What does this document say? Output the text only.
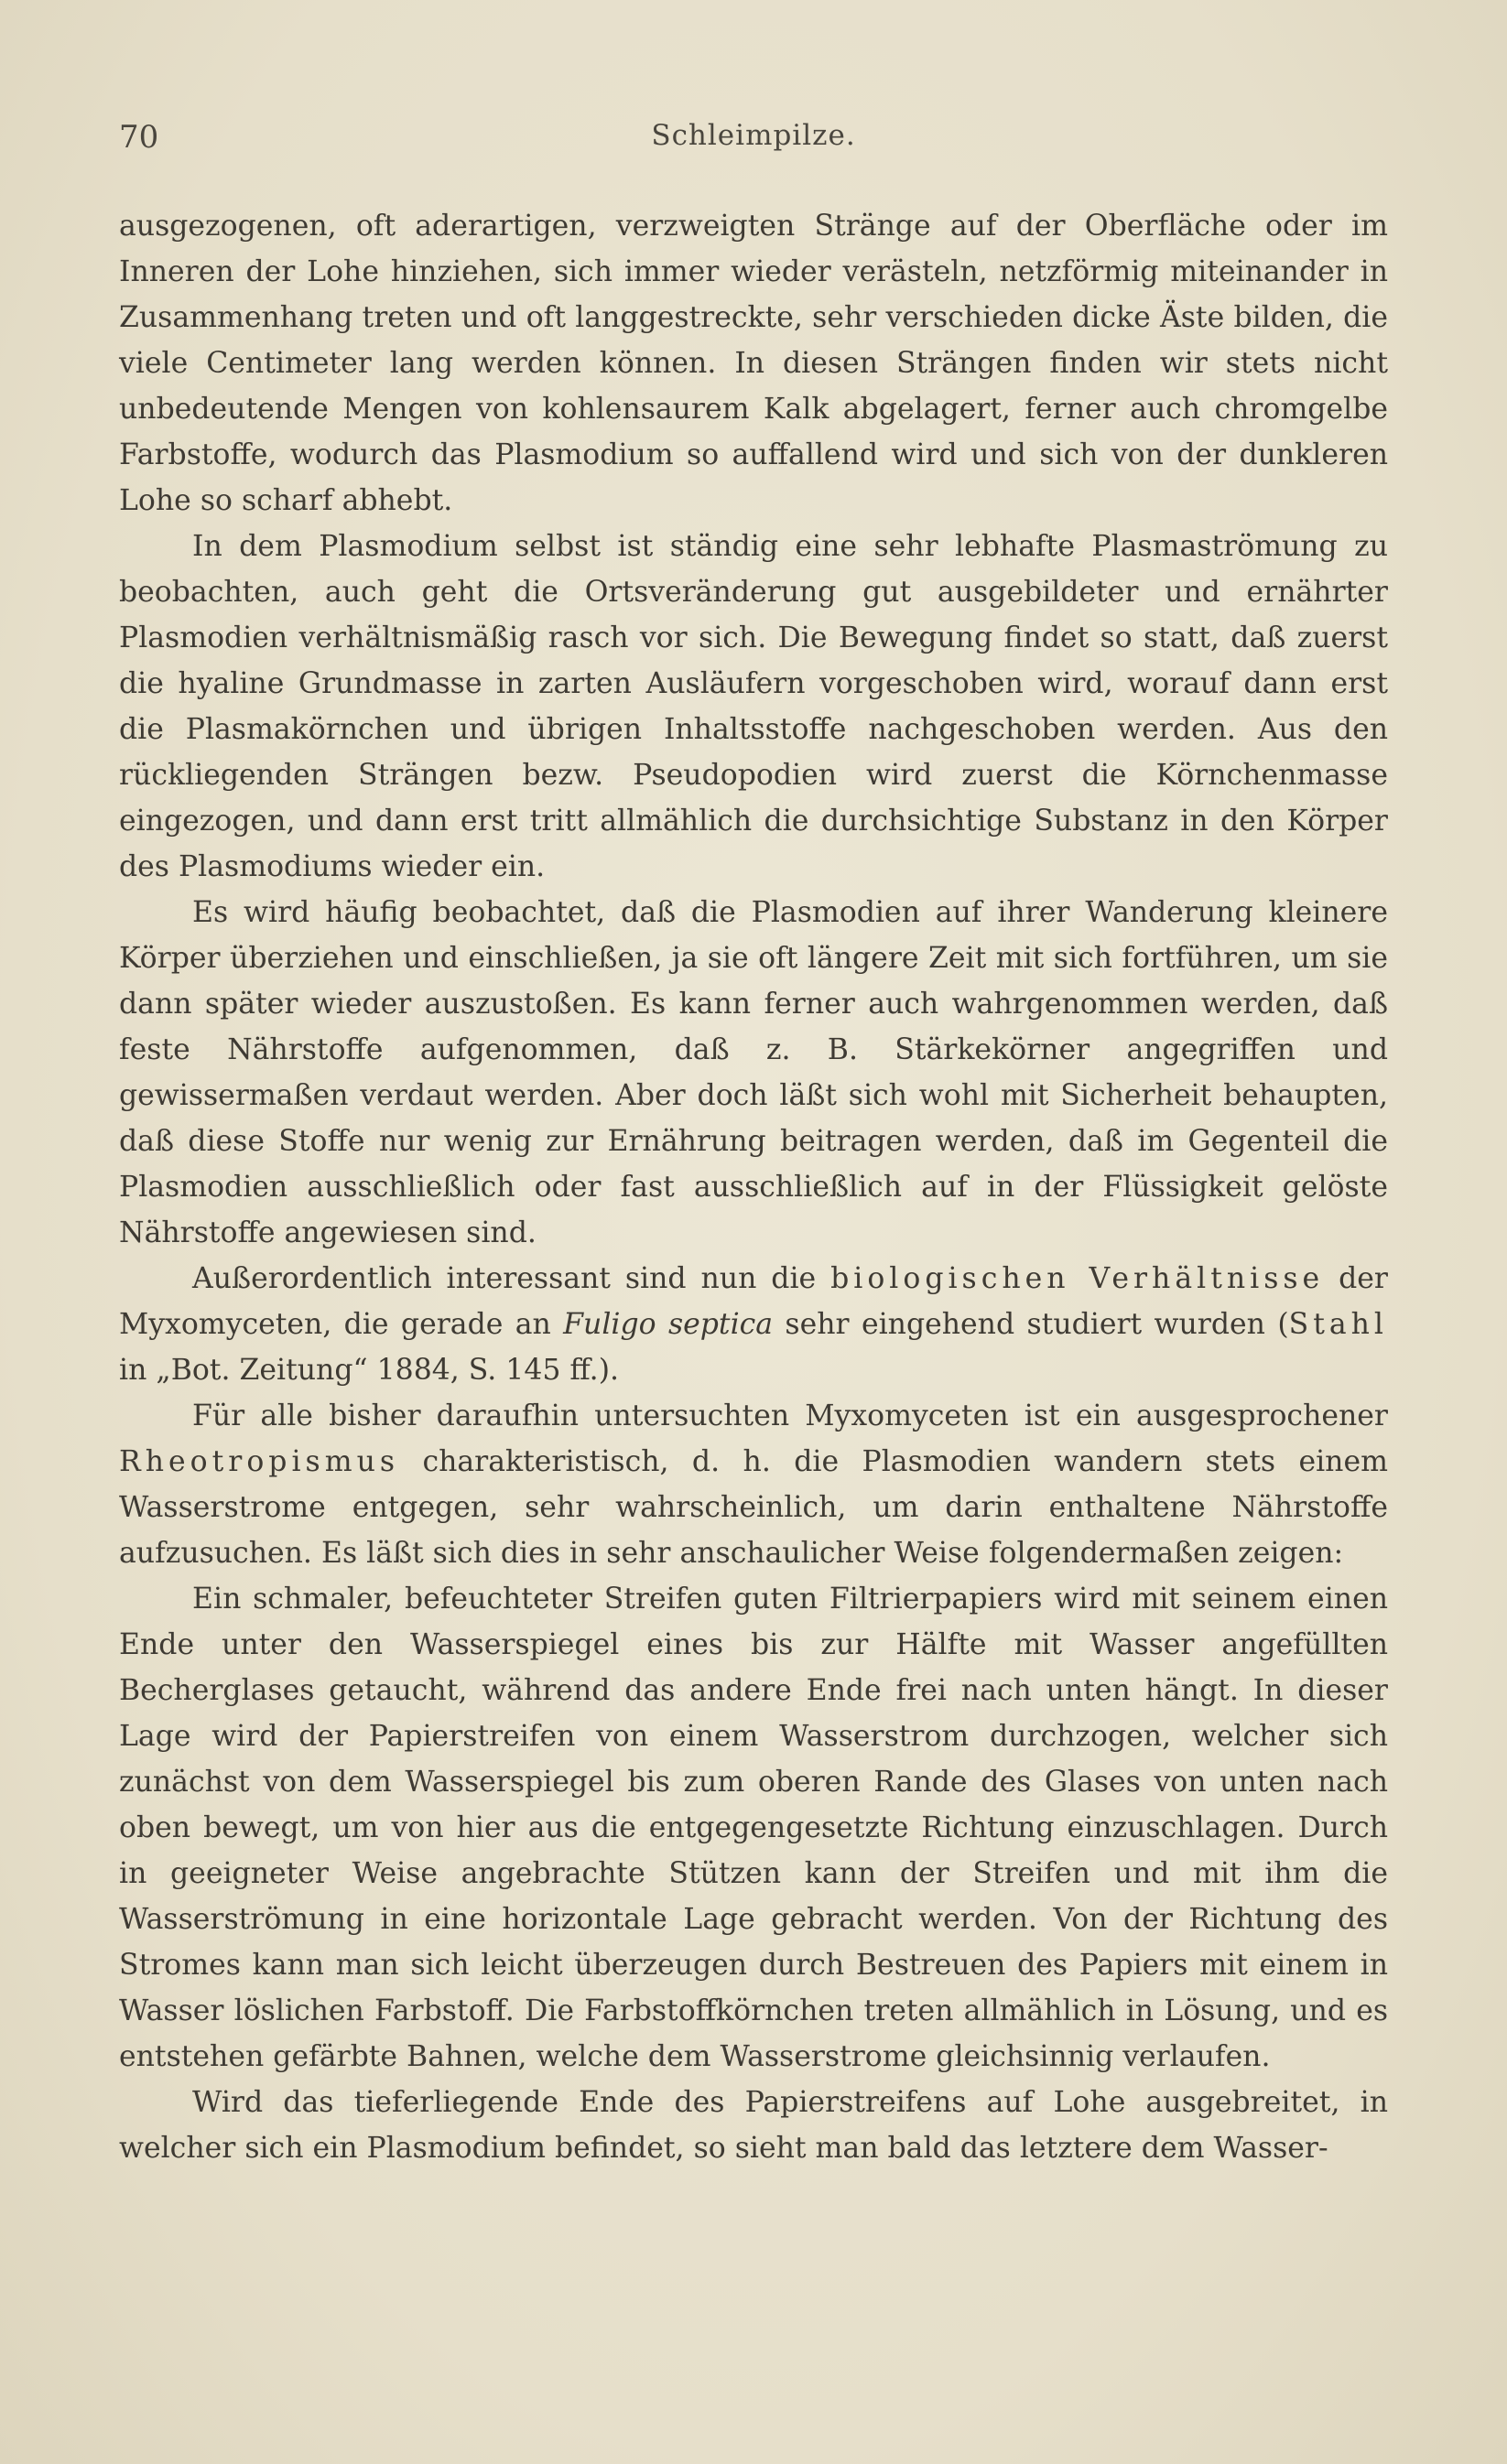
70	Schleimpilze.

ausgezogenen, oft aderartigen, verzweigten Stränge auf der Oberfläche oder im Inneren der Lohe hinziehen, sich immer wieder verästeln, netzförmig miteinander in Zusammenhang treten und oft langgestreckte, sehr verschieden dicke Äste bilden, die viele Centimeter lang werden können. In diesen Strängen finden wir stets nicht unbedeutende Mengen von kohlensaurem Kalk abgelagert, ferner auch chromgelbe Farbstoffe, wodurch das Plasmodium so auffallend wird und sich von der dunkleren Lohe so scharf abhebt.

In dem Plasmodium selbst ist ständig eine sehr lebhafte Plasmaströmung zu beobachten, auch geht die Ortsveränderung gut ausgebildeter und ernährter Plasmodien verhältnismäßig rasch vor sich. Die Bewegung findet so statt, daß zuerst die hyaline Grundmasse in zarten Ausläufern vorgeschoben wird, worauf dann erst die Plasmakörnchen und übrigen Inhaltsstoffe nachgeschoben werden. Aus den rückliegenden Strängen bezw. Pseudopodien wird zuerst die Körnchenmasse eingezogen, und dann erst tritt allmählich die durchsichtige Substanz in den Körper des Plasmodiums wieder ein.

Es wird häufig beobachtet, daß die Plasmodien auf ihrer Wanderung kleinere Körper überziehen und einschließen, ja sie oft längere Zeit mit sich fortführen, um sie dann später wieder auszustoßen. Es kann ferner auch wahrgenommen werden, daß feste Nährstoffe aufgenommen, daß z. B. Stärkekörner angegriffen und gewissermaßen verdaut werden. Aber doch läßt sich wohl mit Sicherheit behaupten, daß diese Stoffe nur wenig zur Ernährung beitragen werden, daß im Gegenteil die Plasmodien ausschließlich oder fast ausschließlich auf in der Flüssigkeit gelöste Nährstoffe angewiesen sind.

Außerordentlich interessant sind nun die biologischen Verhältnisse der Myxomyceten, die gerade an Fuligo septica sehr eingehend studiert wurden (Stahl in „Bot. Zeitung“ 1884, S. 145 ff.).

Für alle bisher daraufhin untersuchten Myxomyceten ist ein ausgesprochener Rheotropismus charakteristisch, d. h. die Plasmodien wandern stets einem Wasserstrome entgegen, sehr wahrscheinlich, um darin enthaltene Nährstoffe aufzusuchen. Es läßt sich dies in sehr anschaulicher Weise folgendermaßen zeigen:

Ein schmaler, befeuchteter Streifen guten Filtrierpapiers wird mit seinem einen Ende unter den Wasserspiegel eines bis zur Hälfte mit Wasser angefüllten Becherglases getaucht, während das andere Ende frei nach unten hängt. In dieser Lage wird der Papierstreifen von einem Wasserstrom durchzogen, welcher sich zunächst von dem Wasserspiegel bis zum oberen Rande des Glases von unten nach oben bewegt, um von hier aus die entgegengesetzte Richtung einzuschlagen. Durch in geeigneter Weise angebrachte Stützen kann der Streifen und mit ihm die Wasserströmung in eine horizontale Lage gebracht werden. Von der Richtung des Stromes kann man sich leicht überzeugen durch Bestreuen des Papiers mit einem in Wasser löslichen Farbstoff. Die Farbstoffkörnchen treten allmählich in Lösung, und es entstehen gefärbte Bahnen, welche dem Wasserstrome gleichsinnig verlaufen.

Wird das tieferliegende Ende des Papierstreifens auf Lohe ausgebreitet, in welcher sich ein Plasmodium befindet, so sieht man bald das letztere dem Wasser-
